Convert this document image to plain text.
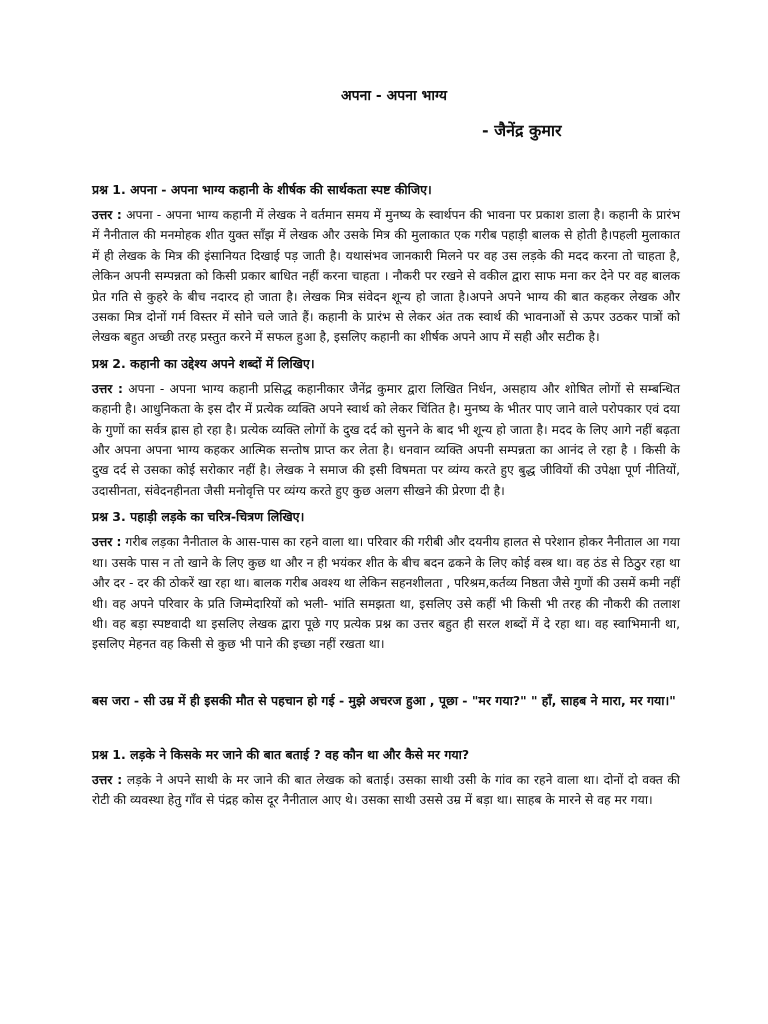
अपना - अपना भाग्य
- जैनेंद्र कुमार

प्रश्न 1. अपना - अपना भाग्य कहानी के शीर्षक की सार्थकता स्पष्ट कीजिए।

उत्तर : अपना - अपना भाग्य कहानी में लेखक ने वर्तमान समय में मुनष्य के स्वार्थपन की भावना पर प्रकाश डाला है। कहानी के प्रारंभ में नैनीताल की मनमोहक शीत युक्त साँझ में लेखक और उसके मित्र की मुलाकात एक गरीब पहाड़ी बालक से होती है।पहली मुलाकात में ही लेखक के मित्र की इंसानियत दिखाई पड़ जाती है। यथासंभव जानकारी मिलने पर वह उस लड़के की मदद करना तो चाहता है, लेकिन अपनी सम्पन्नता को किसी प्रकार बाधित नहीं करना चाहता । नौकरी पर रखने से वकील द्वारा साफ मना कर देने पर वह बालक प्रेत गति से कुहरे के बीच नदारद हो जाता है। लेखक मित्र संवेदन शून्य हो जाता है।अपने अपने भाग्य की बात कहकर लेखक और उसका मित्र दोनों गर्म विस्तर में सोने चले जाते हैं। कहानी के प्रारंभ से लेकर अंत तक स्वार्थ की भावनाओं से ऊपर उठकर पात्रों को लेखक बहुत अच्छी तरह प्रस्तुत करने में सफल हुआ है, इसलिए कहानी का शीर्षक अपने आप में सही और सटीक है।

प्रश्न 2. कहानी का उद्देश्य अपने शब्दों में लिखिए।

उत्तर : अपना - अपना भाग्य कहानी प्रसिद्ध कहानीकार जैनेंद्र कुमार द्वारा लिखित निर्धन, असहाय और शोषित लोगों से सम्बन्धित कहानी है। आधुनिकता के इस दौर में प्रत्येक व्यक्ति अपने स्वार्थ को लेकर चिंतित है। मुनष्य के भीतर पाए जाने वाले परोपकार एवं दया के गुणों का सर्वत्र ह्रास हो रहा है। प्रत्येक व्यक्ति लोगों के दुख दर्द को सुनने के बाद भी शून्य हो जाता है। मदद के लिए आगे नहीं बढ़ता और अपना अपना भाग्य कहकर आत्मिक सन्तोष प्राप्त कर लेता है। धनवान व्यक्ति अपनी सम्पन्नता का आनंद ले रहा है । किसी के दुख दर्द से उसका कोई सरोकार नहीं है। लेखक ने समाज की इसी विषमता पर व्यंग्य करते हुए बुद्ध जीवियों की उपेक्षा पूर्ण नीतियों, उदासीनता, संवेदनहीनता जैसी मनोवृत्ति पर व्यंग्य करते हुए कुछ अलग सीखने की प्रेरणा दी है।

प्रश्न 3. पहाड़ी लड़के का चरित्र-चित्रण लिखिए।

उत्तर : गरीब लड़का नैनीताल के आस-पास का रहने वाला था। परिवार की गरीबी और दयनीय हालत से परेशान होकर नैनीताल आ गया था। उसके पास न तो खाने के लिए कुछ था और न ही भयंकर शीत के बीच बदन ढकने के लिए कोई वस्त्र था। वह ठंड से ठिठुर रहा था और दर - दर की ठोकरें खा रहा था। बालक गरीब अवश्य था लेकिन सहनशीलता , परिश्रम,कर्तव्य निष्ठता जैसे गुणों की उसमें कमी नहीं थी। वह अपने परिवार के प्रति जिम्मेदारियों को भली- भांति समझता था, इसलिए उसे कहीं भी किसी भी तरह की नौकरी की तलाश थी। वह बड़ा स्पष्टवादी था इसलिए लेखक द्वारा पूछे गए प्रत्येक प्रश्न का उत्तर बहुत ही सरल शब्दों में दे रहा था। वह स्वाभिमानी था, इसलिए मेहनत वह किसी से कुछ भी पाने की इच्छा नहीं रखता था।

बस जरा - सी उम्र में ही इसकी मौत से पहचान हो गई - मुझे अचरज हुआ , पूछा - "मर गया?" " हाँ, साहब ने मारा, मर गया।"

प्रश्न 1. लड़के ने किसके मर जाने की बात बताई ? वह कौन था और कैसे मर गया?

उत्तर : लड़के ने अपने साथी के मर जाने की बात लेखक को बताई। उसका साथी उसी के गांव का रहने वाला था। दोनों दो वक्त की रोटी की व्यवस्था हेतु गाँव से पंद्रह कोस दूर नैनीताल आए थे। उसका साथी उससे उम्र में बड़ा था। साहब के मारने से वह मर गया।
